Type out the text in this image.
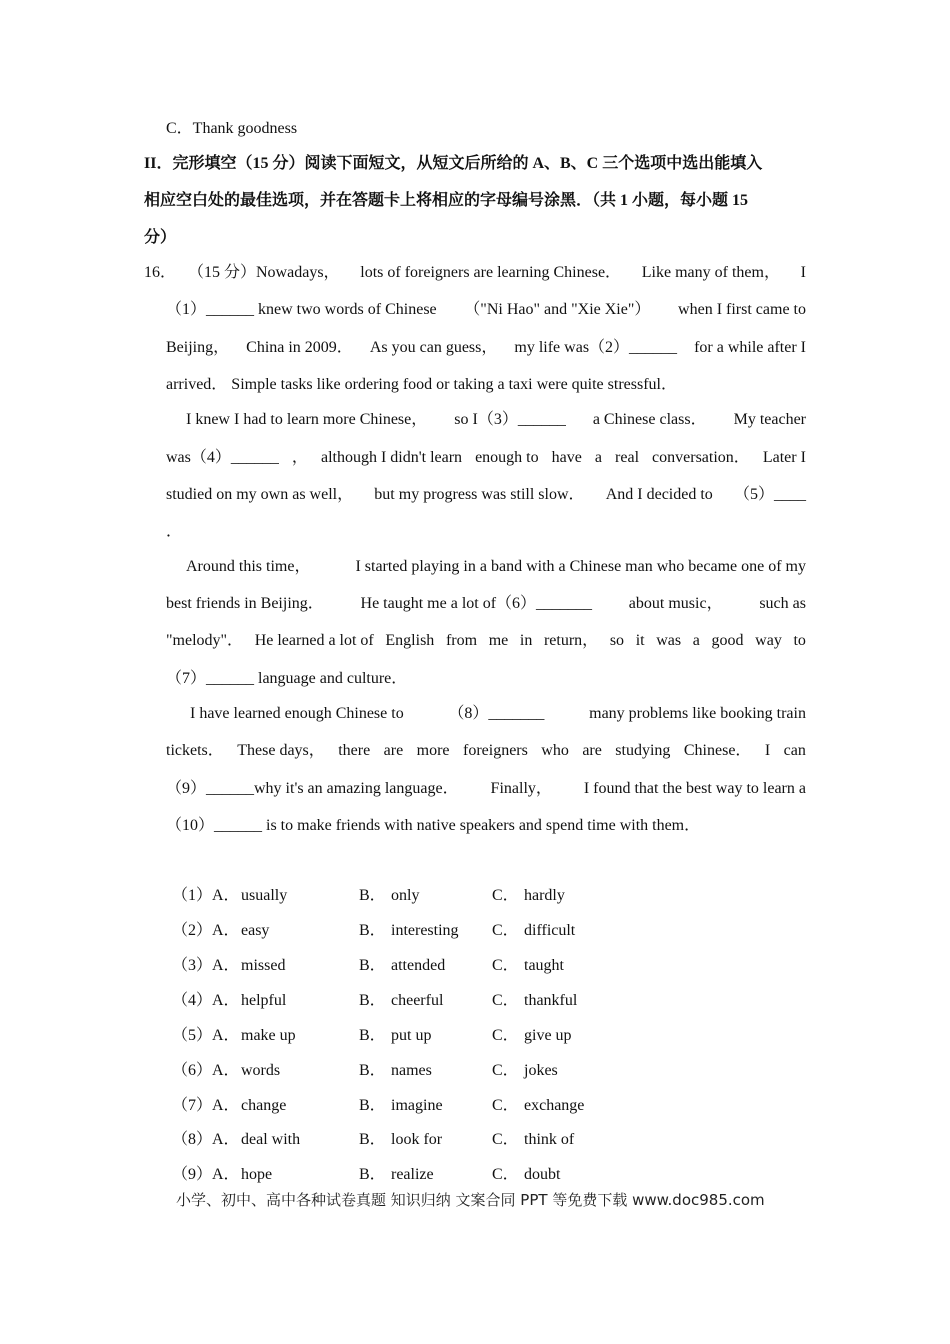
C．Thank goodness
II．完形填空（15 分）阅读下面短文，从短文后所给的 A、B、C 三个选项中选出能填入
相应空白处的最佳选项，并在答题卡上将相应的字母编号涂黑．（共 1 小题，每小题 15
分）
16． （15 分）Nowadays， lots of foreigners are learning Chinese． Like many of them， I
（1）______ knew two words of Chinese （"Ni Hao" and "Xie Xie"） when I first came to
Beijing， China in 2009． As you can guess， my life was（2）______ for a while after I
arrived． Simple tasks like ordering food or taking a taxi were quite stressful．
I knew I had to learn more Chinese， so I（3）______ a Chinese class． My teacher
was（4）______ ， although I didn't learn enough to have a real conversation． Later I
studied on my own as well， but my progress was still slow． And I decided to （5）____
．
Around this time，	I started playing in a band with a Chinese man who became one of my
best friends in Beijing． He taught me a lot of（6）_______ about music， such as
"melody"． He learned a lot of English from me in return， so it was a good way to
（7）______ language and culture．
I have learned enough Chinese to	（8）_______	many problems like booking train
tickets． These days， there are more foreigners who are studying Chinese． I can
（9）______why it's an amazing language． Finally， I found that the best way to learn a
（10）______ is to make friends with native speakers and spend time with them．
（1）A． usually	B． only	C． hardly
（2）A． easy	B． interesting C． difficult
（3）A． missed	B． attended	C． taught
（4）A． helpful	B． cheerful	C． thankful
（5）A． make up	B． put up	C． give up
（6）A． words	B． names	C． jokes
（7）A． change	B． imagine	C． exchange
（8）A． deal with	B． look for	C． think of
（9）A． hope	B． realize	C． doubt
小学、初中、高中各种试卷真题 知识归纳 文案合同 PPT 等免费下载 www.doc985.com
